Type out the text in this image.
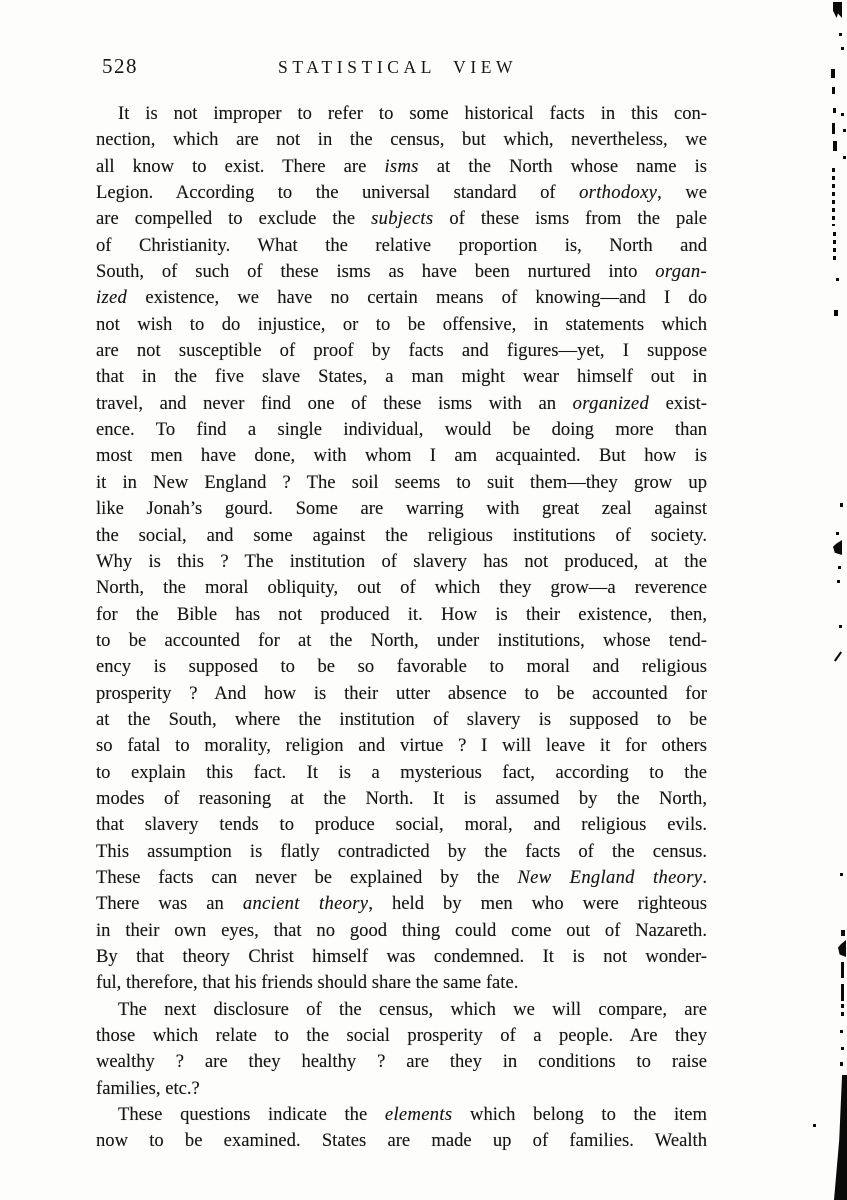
528	STATISTICAL VIEW
It is not improper to refer to some historical facts in this con-
nection, which are not in the census, but which, nevertheless, we
all know to exist. There are isms at the North whose name is
Legion. According to the universal standard of orthodoxy, we
are compelled to exclude the subjects of these isms from the pale
of Christianity. What the relative proportion is, North and
South, of such of these isms as have been nurtured into organ-
ized existence, we have no certain means of knowing—and I do
not wish to do injustice, or to be offensive, in statements which
are not susceptible of proof by facts and figures—yet, I suppose
that in the five slave States, a man might wear himself out in
travel, and never find one of these isms with an organized exist-
ence. To find a single individual, would be doing more than
most men have done, with whom I am acquainted. But how is
it in New England ? The soil seems to suit them—they grow up
like Jonah’s gourd. Some are warring with great zeal against
the social, and some against the religious institutions of society.
Why is this ? The institution of slavery has not produced, at the
North, the moral obliquity, out of which they grow—a reverence
for the Bible has not produced it. How is their existence, then,
to be accounted for at the North, under institutions, whose tend-
ency is supposed to be so favorable to moral and religious
prosperity ? And how is their utter absence to be accounted for
at the South, where the institution of slavery is supposed to be
so fatal to morality, religion and virtue ? I will leave it for others
to explain this fact. It is a mysterious fact, according to the
modes of reasoning at the North. It is assumed by the North,
that slavery tends to produce social, moral, and religious evils.
This assumption is flatly contradicted by the facts of the census.
These facts can never be explained by the New England theory.
There was an ancient theory, held by men who were righteous
in their own eyes, that no good thing could come out of Nazareth.
By that theory Christ himself was condemned. It is not wonder-
ful, therefore, that his friends should share the same fate.
The next disclosure of the census, which we will compare, are
those which relate to the social prosperity of a people. Are they
wealthy ? are they healthy ? are they in conditions to raise
families, etc.?
These questions indicate the elements which belong to the item
now to be examined. States are made up of families. Wealth
